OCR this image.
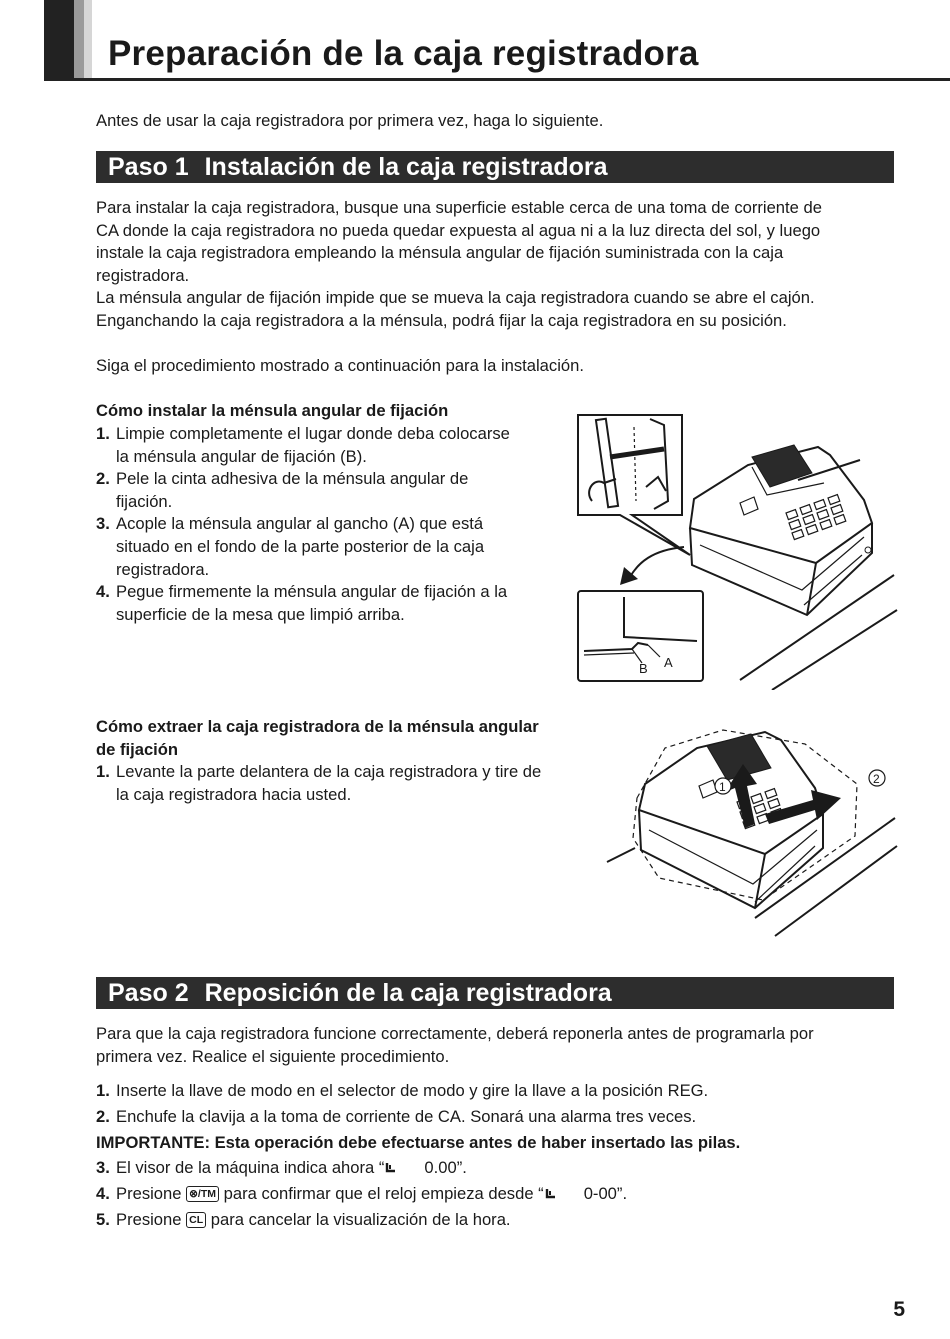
Preparación de la caja registradora
Antes de usar la caja registradora por primera vez, haga lo siguiente.
Paso 1 Instalación de la caja registradora
Para instalar la caja registradora, busque una superficie estable cerca de una toma de corriente de
CA donde la caja registradora no pueda quedar expuesta al agua ni a la luz directa del sol, y luego
instale la caja registradora empleando la ménsula angular de fijación suministrada con la caja
registradora.
La ménsula angular de fijación impide que se mueva la caja registradora cuando se abre el cajón.
Enganchando la caja registradora a la ménsula, podrá fijar la caja registradora en su posición.
Siga el procedimiento mostrado a continuación para la instalación.
Cómo instalar la ménsula angular de fijación
1. Limpie completamente el lugar donde deba colocarse
la ménsula angular de fijación (B).
2. Pele la cinta adhesiva de la ménsula angular de
fijación.
3. Acople la ménsula angular al gancho (A) que está
situado en el fondo de la parte posterior de la caja
registradora.
4. Pegue firmemente la ménsula angular de fijación a la
superficie de la mesa que limpió arriba.
B A
Cómo extraer la caja registradora de la ménsula angular
de fijación
1. Levante la parte delantera de la caja registradora y tire de
la caja registradora hacia usted.	1
2
Paso 2 Reposición de la caja registradora
Para que la caja registradora funcione correctamente, deberá reponerla antes de programarla por
primera vez. Realice el siguiente procedimiento.
1. Inserte la llave de modo en el selector de modo y gire la llave a la posición REG.
2. Enchufe la clavija a la toma de corriente de CA. Sonará una alarma tres veces.
IMPORTANTE: Esta operación debe efectuarse antes de haber insertado las pilas.
3. El visor de la máquina indica ahora “ 0.00”.
4. Presione ⊗/TM para confirmar que el reloj empieza desde “ 0-00”.
5. Presione CL para cancelar la visualización de la hora.
5
